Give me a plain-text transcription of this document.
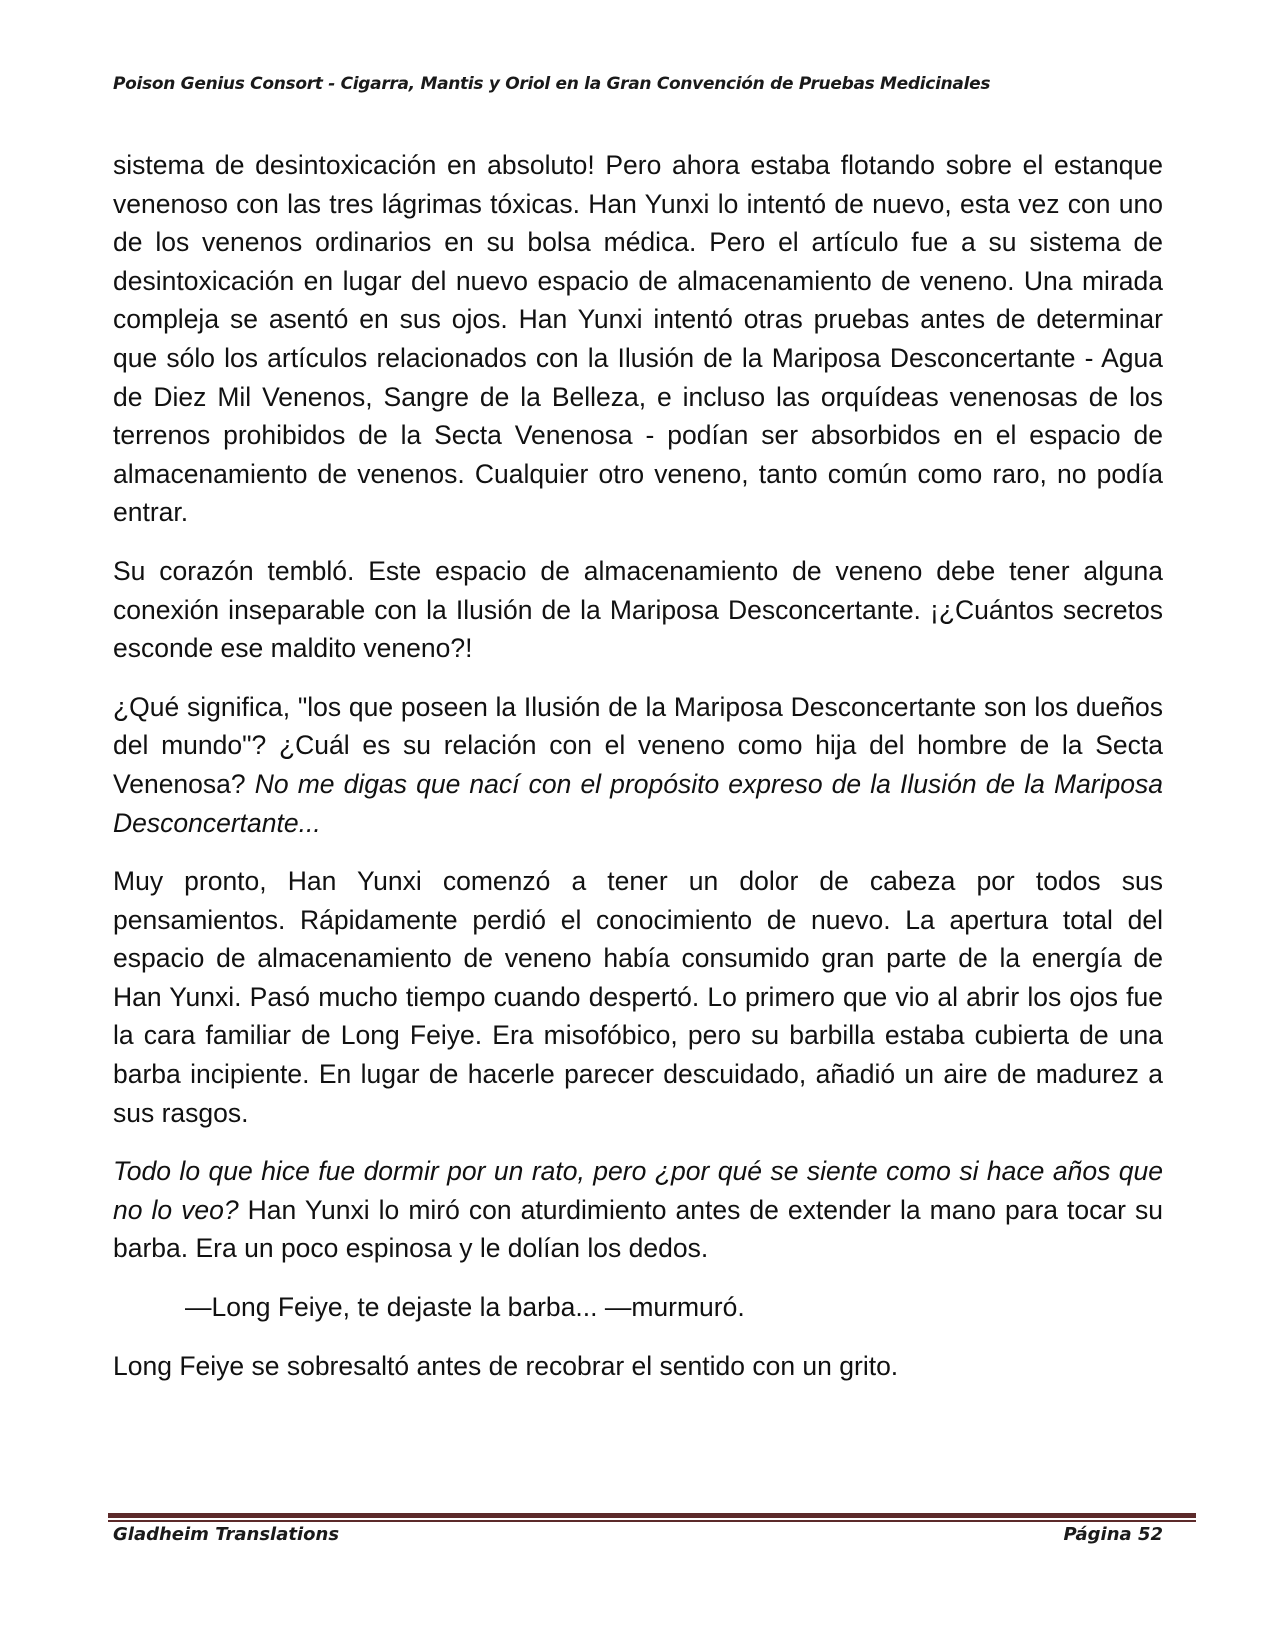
Poison Genius Consort - Cigarra, Mantis y Oriol en la Gran Convención de Pruebas Medicinales

sistema de desintoxicación en absoluto! Pero ahora estaba flotando sobre el estanque venenoso con las tres lágrimas tóxicas. Han Yunxi lo intentó de nuevo, esta vez con uno de los venenos ordinarios en su bolsa médica. Pero el artículo fue a su sistema de desintoxicación en lugar del nuevo espacio de almacenamiento de veneno. Una mirada compleja se asentó en sus ojos. Han Yunxi intentó otras pruebas antes de determinar que sólo los artículos relacionados con la Ilusión de la Mariposa Desconcertante - Agua de Diez Mil Venenos, Sangre de la Belleza, e incluso las orquídeas venenosas de los terrenos prohibidos de la Secta Venenosa - podían ser absorbidos en el espacio de almacenamiento de venenos. Cualquier otro veneno, tanto común como raro, no podía entrar.

Su corazón tembló. Este espacio de almacenamiento de veneno debe tener alguna conexión inseparable con la Ilusión de la Mariposa Desconcertante. ¡¿Cuántos secretos esconde ese maldito veneno?!

¿Qué significa, "los que poseen la Ilusión de la Mariposa Desconcertante son los dueños del mundo"? ¿Cuál es su relación con el veneno como hija del hombre de la Secta Venenosa? No me digas que nací con el propósito expreso de la Ilusión de la Mariposa Desconcertante...

Muy pronto, Han Yunxi comenzó a tener un dolor de cabeza por todos sus pensamientos. Rápidamente perdió el conocimiento de nuevo. La apertura total del espacio de almacenamiento de veneno había consumido gran parte de la energía de Han Yunxi. Pasó mucho tiempo cuando despertó. Lo primero que vio al abrir los ojos fue la cara familiar de Long Feiye. Era misofóbico, pero su barbilla estaba cubierta de una barba incipiente. En lugar de hacerle parecer descuidado, añadió un aire de madurez a sus rasgos.

Todo lo que hice fue dormir por un rato, pero ¿por qué se siente como si hace años que no lo veo? Han Yunxi lo miró con aturdimiento antes de extender la mano para tocar su barba. Era un poco espinosa y le dolían los dedos.

—Long Feiye, te dejaste la barba... —murmuró.

Long Feiye se sobresaltó antes de recobrar el sentido con un grito.

Gladheim Translations	Página 52
